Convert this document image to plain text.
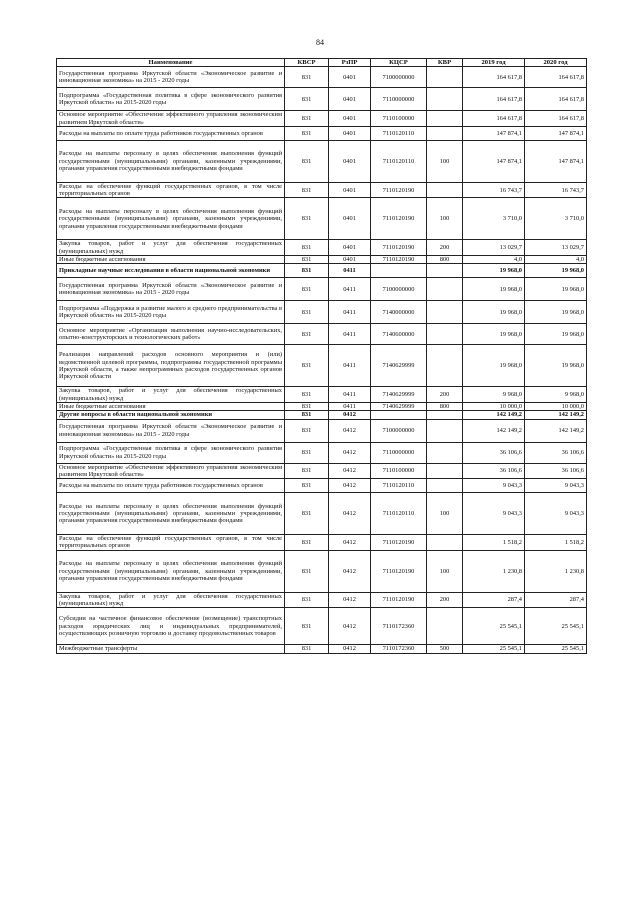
84
Наименование	КВСР	РзПР	КЦСР	КВР	2019 год	2020 год
Государственная программа Иркутской области «Экономическое развитие и инновационная экономика» на 2015 - 2020 годы	831	0401	7100000000		164 617,8	164 617,8
Подпрограмма «Государственная политика в сфере экономического развития Иркутской области» на 2015-2020 годы	831	0401	7110000000		164 617,8	164 617,8
Основное мероприятие «Обеспечение эффективного управления экономическим развитием Иркутской области»	831	0401	7110100000		164 617,8	164 617,8
Расходы на выплаты по оплате труда работников государственных органов	831	0401	7110120110		147 874,1	147 874,1
Расходы на выплаты персоналу в целях обеспечения выполнения функций государственными (муниципальными) органами, казенными учреждениями, органами управления государственными внебюджетными фондами	831	0401	7110120110	100	147 874,1	147 874,1
Расходы на обеспечение функций государственных органов, в том числе территориальных органов	831	0401	7110120190		16 743,7	16 743,7
Расходы на выплаты персоналу в целях обеспечения выполнения функций государственными (муниципальными) органами, казенными учреждениями, органами управления государственными внебюджетными фондами	831	0401	7110120190	100	3 710,0	3 710,0
Закупка товаров, работ и услуг для обеспечения государственных (муниципальных) нужд	831	0401	7110120190	200	13 029,7	13 029,7
Иные бюджетные ассигнования	831	0401	7110120190	800	4,0	4,0
Прикладные научные исследования в области национальной экономики	831	0411			19 968,0	19 968,0
Государственная программа Иркутской области «Экономическое развитие и инновационная экономика» на 2015 - 2020 годы	831	0411	7100000000		19 968,0	19 968,0
Подпрограмма «Поддержка и развитие малого и среднего предпринимательства в Иркутской области» на 2015-2020 годы	831	0411	7140000000		19 968,0	19 968,0
Основное мероприятие «Организация выполнения научно-исследовательских, опытно-конструкторских и технологических работ»	831	0411	7140600000		19 968,0	19 968,0
Реализация направлений расходов основного мероприятия и (или) ведомственной целевой программы, подпрограммы государственной программы Иркутской области, а также непрограммных расходов государственных органов Иркутской области	831	0411	7140629999		19 968,0	19 968,0
Закупка товаров, работ и услуг для обеспечения государственных (муниципальных) нужд	831	0411	7140629999	200	9 968,0	9 968,0
Иные бюджетные ассигнования	831	0411	7140629999	800	10 000,0	10 000,0
Другие вопросы в области национальной экономики	831	0412			142 149,2	142 149,2
Государственная программа Иркутской области «Экономическое развитие и инновационная экономика» на 2015 - 2020 годы	831	0412	7100000000		142 149,2	142 149,2
Подпрограмма «Государственная политика в сфере экономического развития Иркутской области» на 2015-2020 годы	831	0412	7110000000		36 106,6	36 106,6
Основное мероприятие «Обеспечение эффективного управления экономическим развитием Иркутской области»	831	0412	7110100000		36 106,6	36 106,6
Расходы на выплаты по оплате труда работников государственных органов	831	0412	7110120110		9 043,3	9 043,3
Расходы на выплаты персоналу в целях обеспечения выполнения функций государственными (муниципальными) органами, казенными учреждениями, органами управления государственными внебюджетными фондами	831	0412	7110120110	100	9 043,3	9 043,3
Расходы на обеспечение функций государственных органов, в том числе территориальных органов	831	0412	7110120190		1 518,2	1 518,2
Расходы на выплаты персоналу в целях обеспечения выполнения функций государственными (муниципальными) органами, казенными учреждениями, органами управления государственными внебюджетными фондами	831	0412	7110120190	100	1 230,8	1 230,8
Закупка товаров, работ и услуг для обеспечения государственных (муниципальных) нужд	831	0412	7110120190	200	287,4	287,4
Субсидии на частичное финансовое обеспечение (возмещение) транспортных расходов юридических лиц и индивидуальных предпринимателей, осуществляющих розничную торговлю и доставку продовольственных товаров	831	0412	7110172360		25 545,1	25 545,1
Межбюджетные трансферты	831	0412	7110172360	500	25 545,1	25 545,1
